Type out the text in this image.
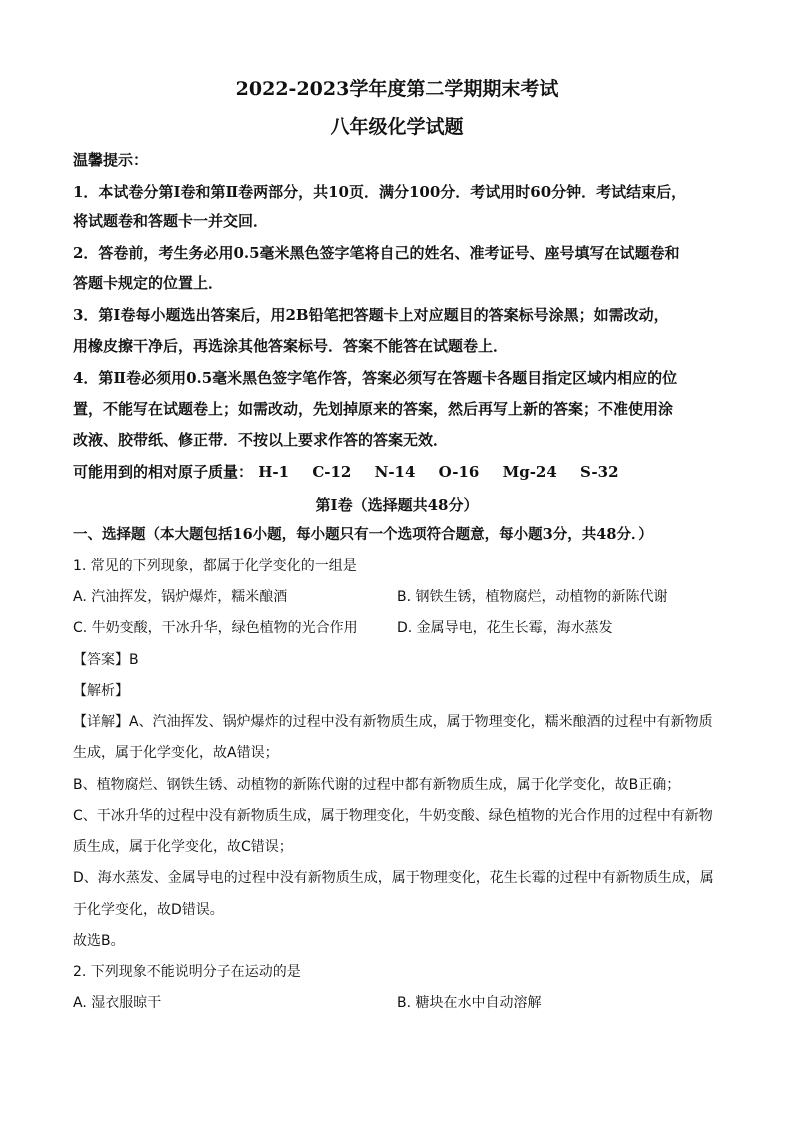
2022-2023学年度第二学期期末考试
八年级化学试题
温馨提示：
1．本试卷分第Ⅰ卷和第Ⅱ卷两部分，共10页．满分100分．考试用时60分钟．考试结束后，
将试题卷和答题卡一并交回．
2．答卷前，考生务必用0.5毫米黑色签字笔将自己的姓名、准考证号、座号填写在试题卷和
答题卡规定的位置上．
3．第Ⅰ卷每小题选出答案后，用2B铅笔把答题卡上对应题目的答案标号涂黑；如需改动，
用橡皮擦干净后，再选涂其他答案标号．答案不能答在试题卷上．
4．第Ⅱ卷必须用0.5毫米黑色签字笔作答，答案必须写在答题卡各题目指定区域内相应的位
置，不能写在试题卷上；如需改动，先划掉原来的答案，然后再写上新的答案；不准使用涂
改液、胶带纸、修正带．不按以上要求作答的答案无效．
可能用到的相对原子质量： H-1 C-12 N-14 O-16 Mg-24 S-32
第Ⅰ卷（选择题共48分）
一、选择题（本大题包括16小题，每小题只有一个选项符合题意，每小题3分，共48分．）
1. 常见的下列现象，都属于化学变化的一组是
A. 汽油挥发，锅炉爆炸，糯米酿酒	B. 钢铁生锈，植物腐烂，动植物的新陈代谢
C. 牛奶变酸，干冰升华，绿色植物的光合作用	D. 金属导电，花生长霉，海水蒸发
【答案】B
【解析】
【详解】A、汽油挥发、锅炉爆炸的过程中没有新物质生成，属于物理变化，糯米酿酒的过程中有新物质
生成，属于化学变化，故A错误；
B、植物腐烂、钢铁生锈、动植物的新陈代谢的过程中都有新物质生成，属于化学变化，故B正确；
C、干冰升华的过程中没有新物质生成，属于物理变化，牛奶变酸、绿色植物的光合作用的过程中有新物
质生成，属于化学变化，故C错误；
D、海水蒸发、金属导电的过程中没有新物质生成，属于物理变化，花生长霉的过程中有新物质生成，属
于化学变化，故D错误。
故选B。
2. 下列现象不能说明分子在运动的是
A. 湿衣服晾干	B. 糖块在水中自动溶解
